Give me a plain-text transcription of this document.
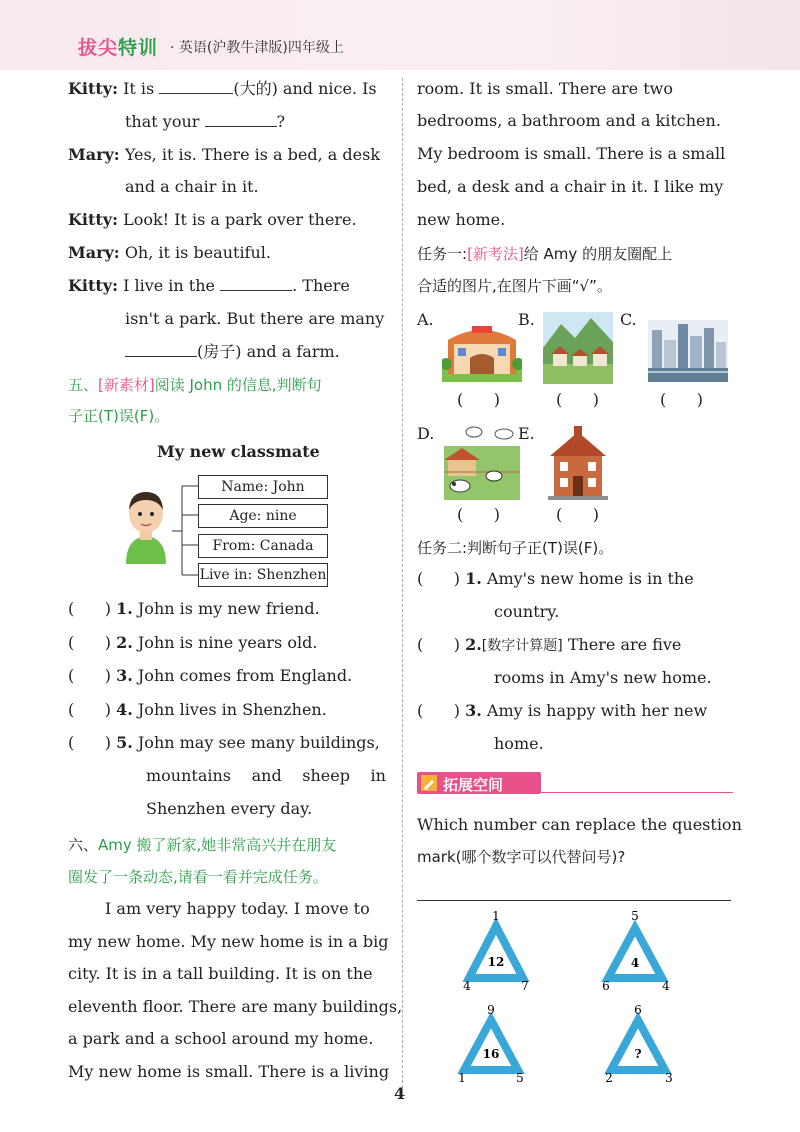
拔尖特训 · 英语(沪教牛津版)四年级上
Kitty: It is	(大的) and nice. Is
that your	?
Mary: Yes, it is. There is a bed, a desk
and a chair in it.
Kitty: Look! It is a park over there.
Mary: Oh, it is beautiful.
Kitty: I live in the	. There
isn't a park. But there are many
(房子) and a farm.
五、[新素材]阅读 John 的信息,判断句
子正(T)误(F)。
My new classmate
Name: John
Age: nine
From: Canada
Live in: Shenzhen
(      ) 1. John is my new friend.
(      ) 2. John is nine years old.
(      ) 3. John comes from England.
(      ) 4. John lives in Shenzhen.
(      ) 5. John may see many buildings,
mountains and sheep in
Shenzhen every day.
六、Amy 搬了新家,她非常高兴并在朋友
圈发了一条动态,请看一看并完成任务。
I am very happy today. I move to
my new home. My new home is in a big
city. It is in a tall building. It is on the
eleventh floor. There are many buildings,
a park and a school around my home.
My new home is small. There is a living
room. It is small. There are two
bedrooms, a bathroom and a kitchen.
My bedroom is small. There is a small
bed, a desk and a chair in it. I like my
new home.
任务一:[新考法]给 Amy 的朋友圈配上
合适的图片,在图片下画“√”。
A.	B.	C.
(      )	(      )	(      )
D.	E.
(      )	(      )
任务二:判断句子正(T)误(F)。
(      ) 1. Amy's new home is in the
country.
(      ) 2.[数字计算题] There are five
rooms in Amy's new home.
(      ) 3. Amy is happy with her new
home.
拓展空间
Which number can replace the question
mark(哪个数字可以代替问号)?
1
4	7
12
5
6	4
4
9
1	5
16
6
2	3
?
4
